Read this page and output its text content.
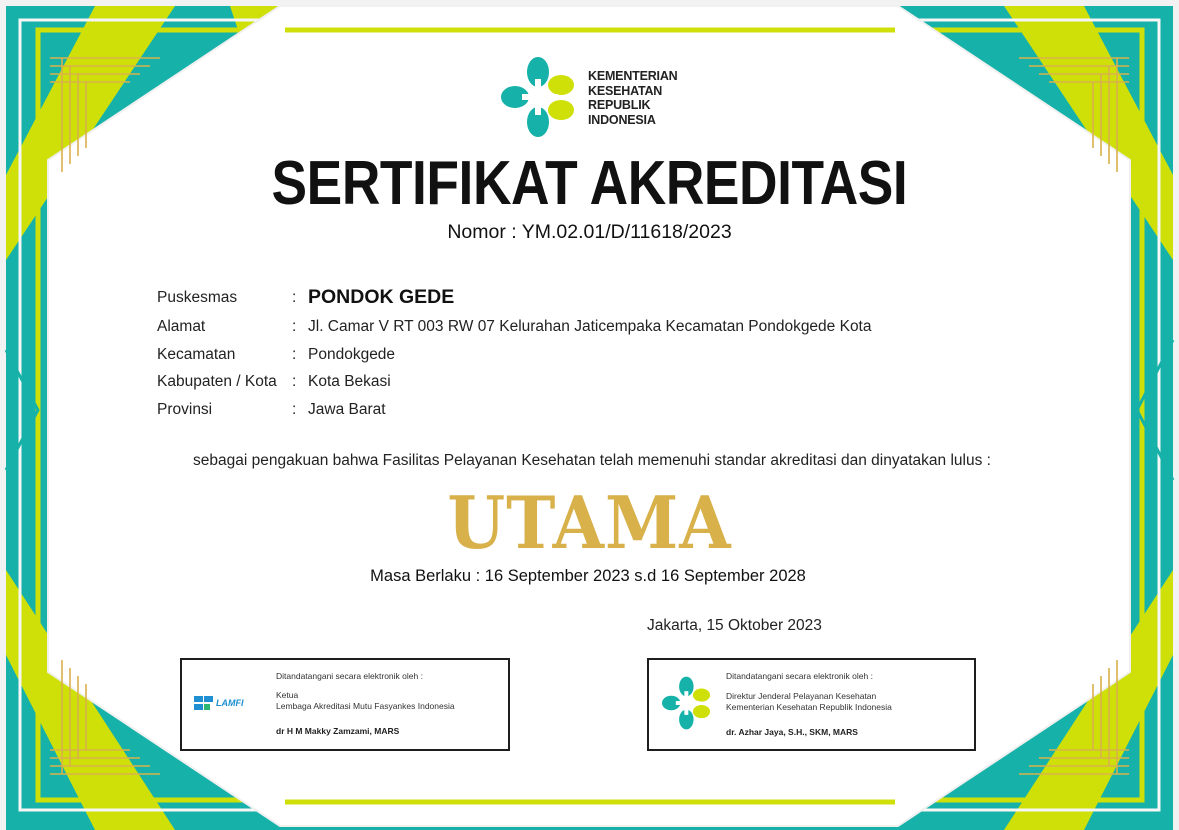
KEMENTERIAN
KESEHATAN
REPUBLIK
INDONESIA
SERTIFIKAT AKREDITASI
Nomor : YM.02.01/D/11618/2023
Puskesmas	: PONDOK GEDE
Alamat	: Jl. Camar V RT 003 RW 07 Kelurahan Jaticempaka Kecamatan Pondokgede Kota
Kecamatan	: Pondokgede
Kabupaten / Kota : Kota Bekasi
Provinsi	: Jawa Barat
sebagai pengakuan bahwa Fasilitas Pelayanan Kesehatan telah memenuhi standar akreditasi dan dinyatakan lulus :
UTAMA
Masa Berlaku : 16 September 2023 s.d 16 September 2028
Jakarta, 15 Oktober 2023
Ditandatangani secara elektronik oleh :
LAMFI
Ketua
Lembaga Akreditasi Mutu Fasyankes Indonesia
dr H M Makky Zamzami, MARS
Ditandatangani secara elektronik oleh :
Direktur Jenderal Pelayanan Kesehatan
Kementerian Kesehatan Republik Indonesia
dr. Azhar Jaya, S.H., SKM, MARS
